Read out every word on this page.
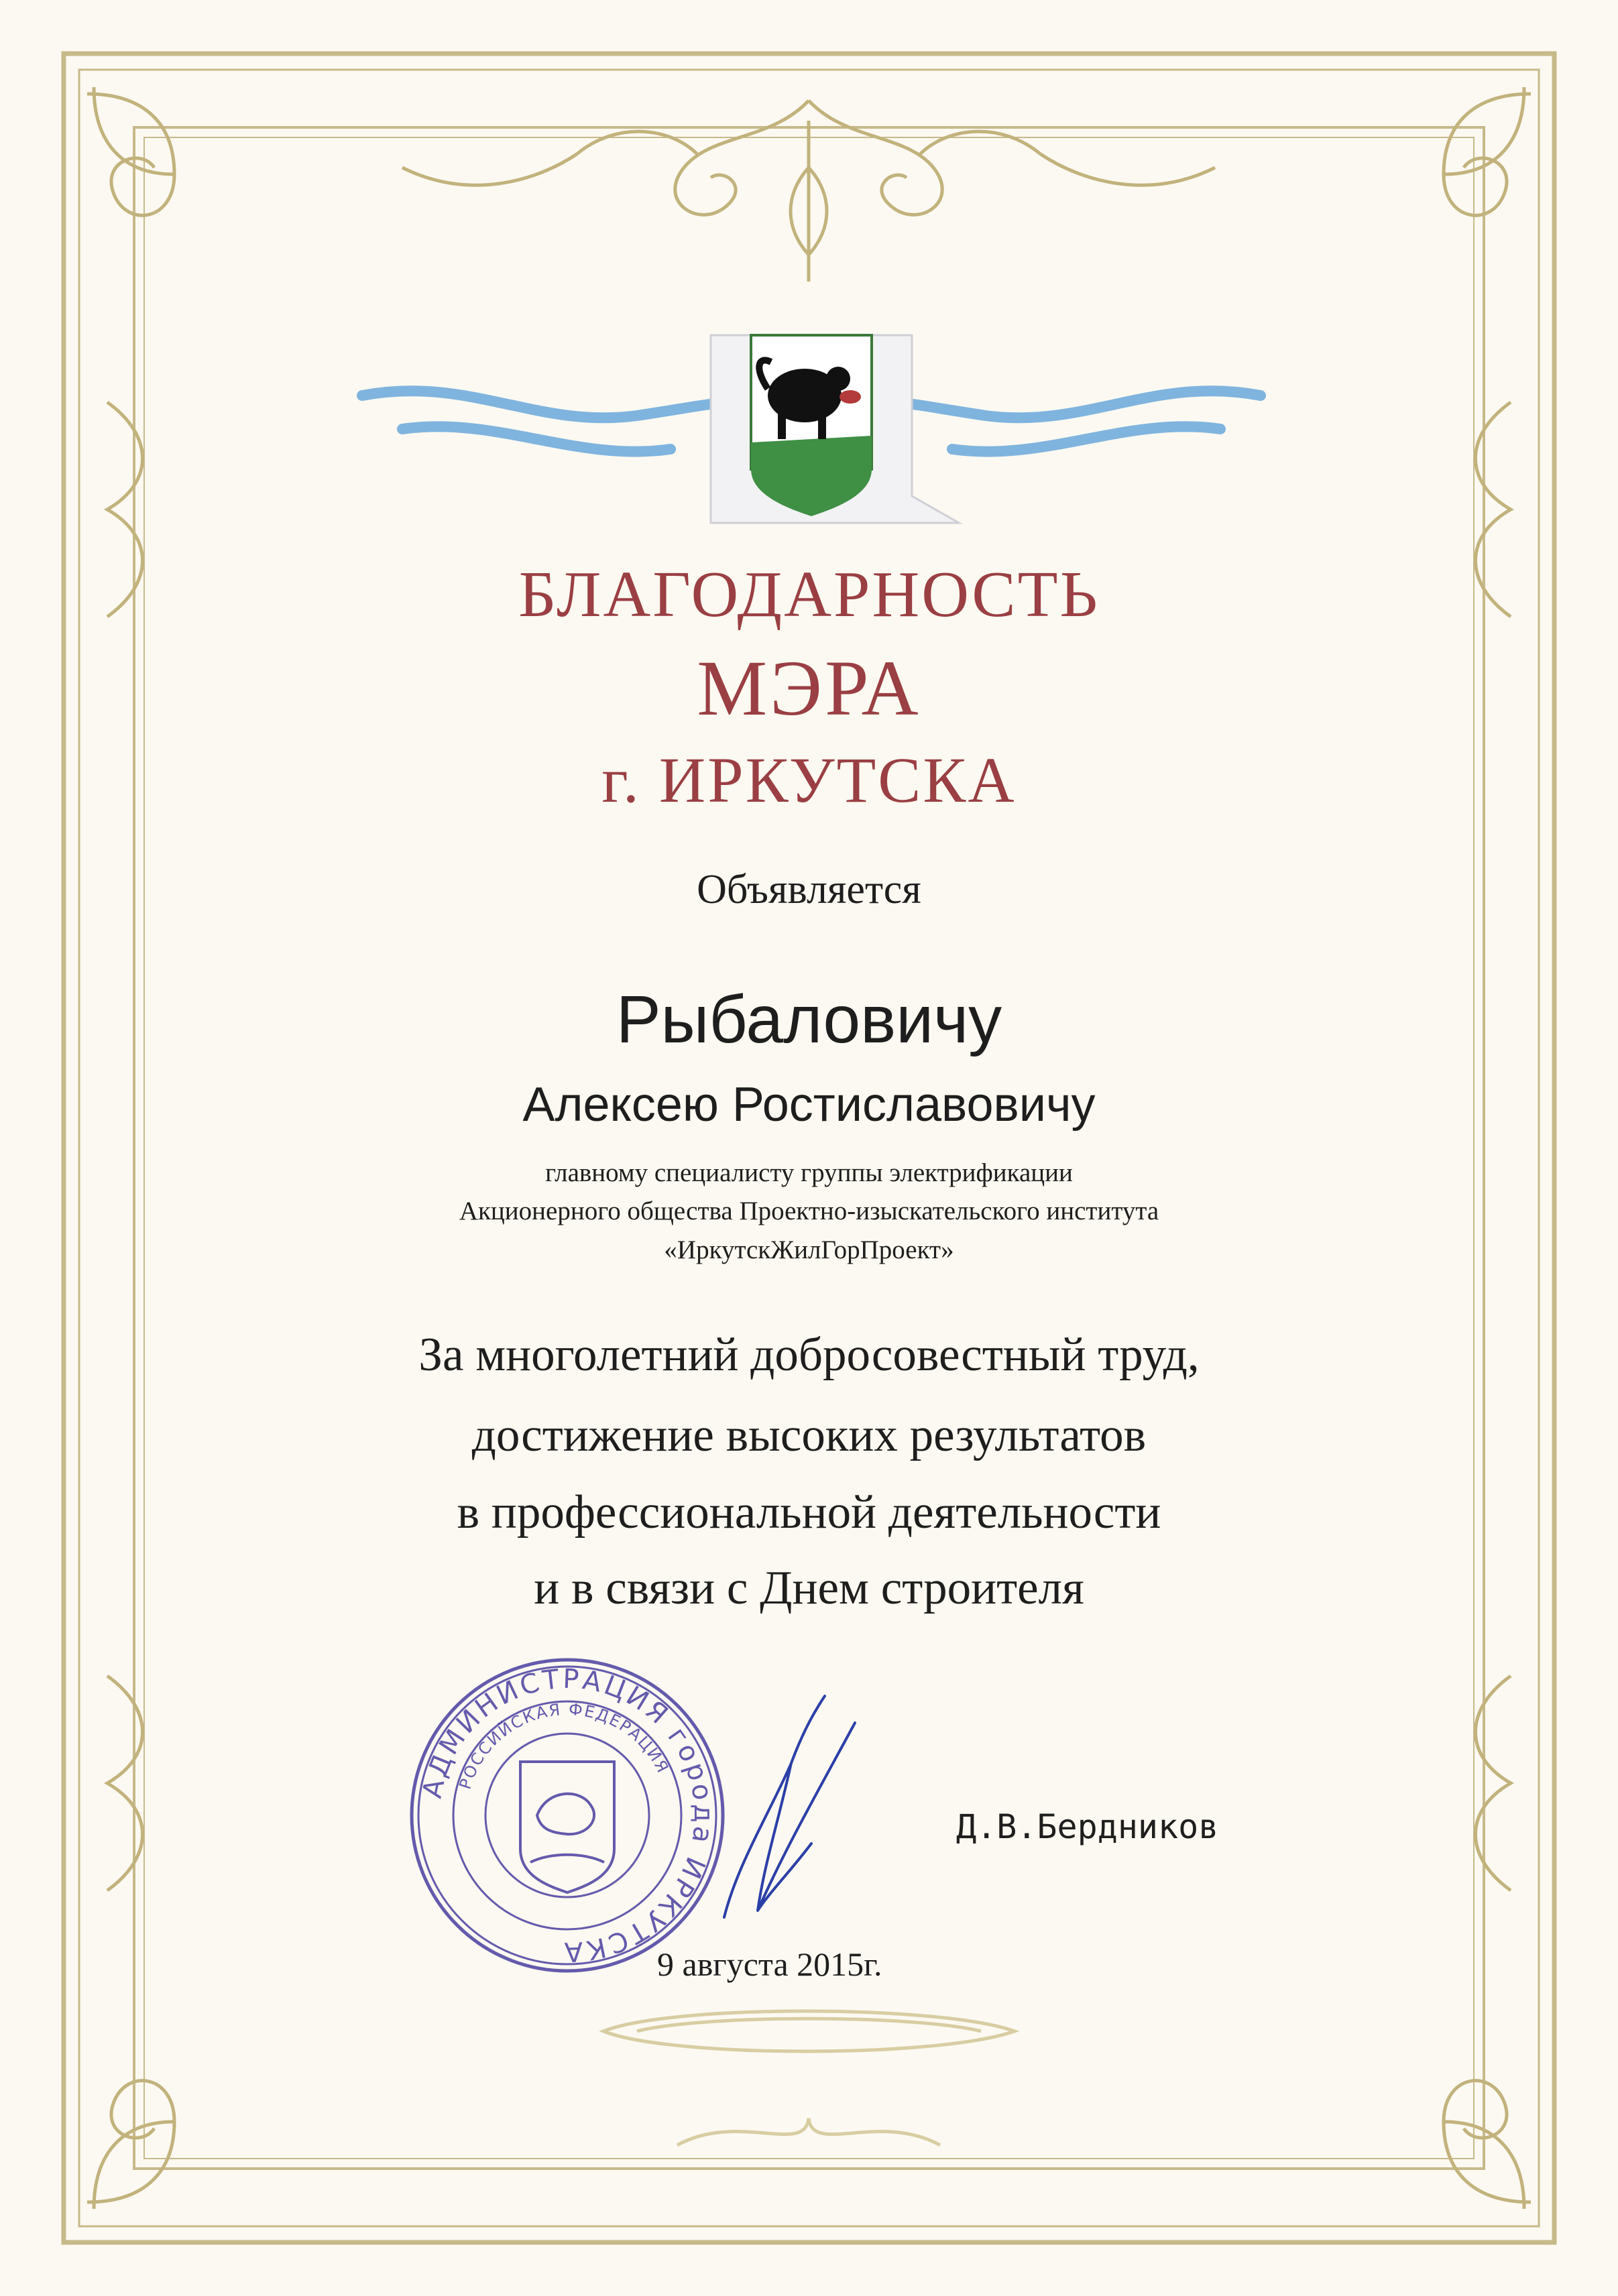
БЛАГОДАРНОСТЬ

МЭРА

г. ИРКУТСКА

Объявляется

Рыбаловичу

Алексею Ростиславовичу

главному специалисту группы электрификации

Акционерного общества Проектно-изыскательского института

«ИркутскЖилГорПроект»

За многолетний добросовестный труд,

достижение высоких результатов

в профессиональной деятельности

и в связи с Днем строителя

АДМИНИСТРАЦИЯ города ИРКУТСКА
РОССИЙСКАЯ ФЕДЕРАЦИЯ

Д.В.Бердников

9 августа 2015г.
